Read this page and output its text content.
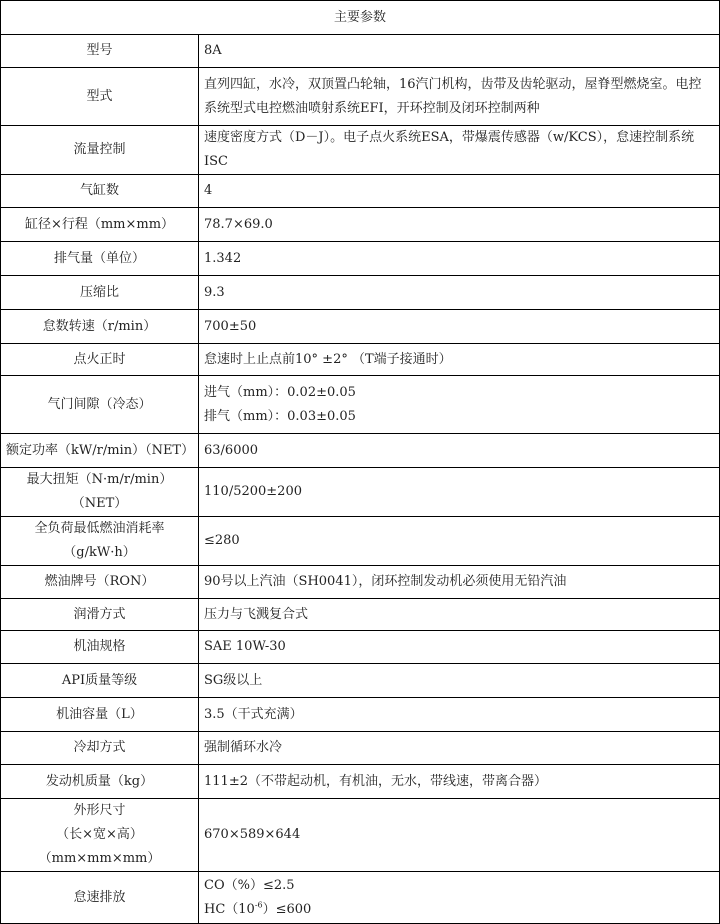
主要参数	
型号	8A
型式	直列四缸，水冷，双顶置凸轮轴，16汽门机构，齿带及齿轮驱动，屋脊型燃烧室。电控系统型式电控燃油喷射系统EFI，开环控制及闭环控制两种
流量控制	速度密度方式（D－J）。电子点火系统ESA，带爆震传感器（w/KCS），怠速控制系统ISC
气缸数	4
缸径×行程（mm×mm）	78.7×69.0
排气量（单位）	1.342
压缩比	9.3
怠数转速（r/min）	700±50
点火正时	怠速时上止点前10° ±2° （T端子接通时）
气门间隙（冷态）	进气（mm）：0.02±0.05
排气（mm）：0.03±0.05

额定功率（kW/r/min）（NET）	63/6000
最大扭矩（N·m/r/min）（NET）	110/5200±200
全负荷最低燃油消耗率（g/kW·h）	≤280
燃油牌号（RON）	90号以上汽油（SH0041），闭环控制发动机必须使用无铅汽油
润滑方式	压力与飞溅复合式
机油规格	SAE 10W-30
API质量等级	SG级以上
机油容量（L）	3.5（干式充满）
冷却方式	强制循环水冷
发动机质量（kg）	111±2（不带起动机，有机油，无水，带线速，带离合器）

外形尺寸
（长×宽×高）（mm×mm×mm）	670×589×644
怠速排放	CO（%）≤2.5
$HC(10^{-6})\le 600$
